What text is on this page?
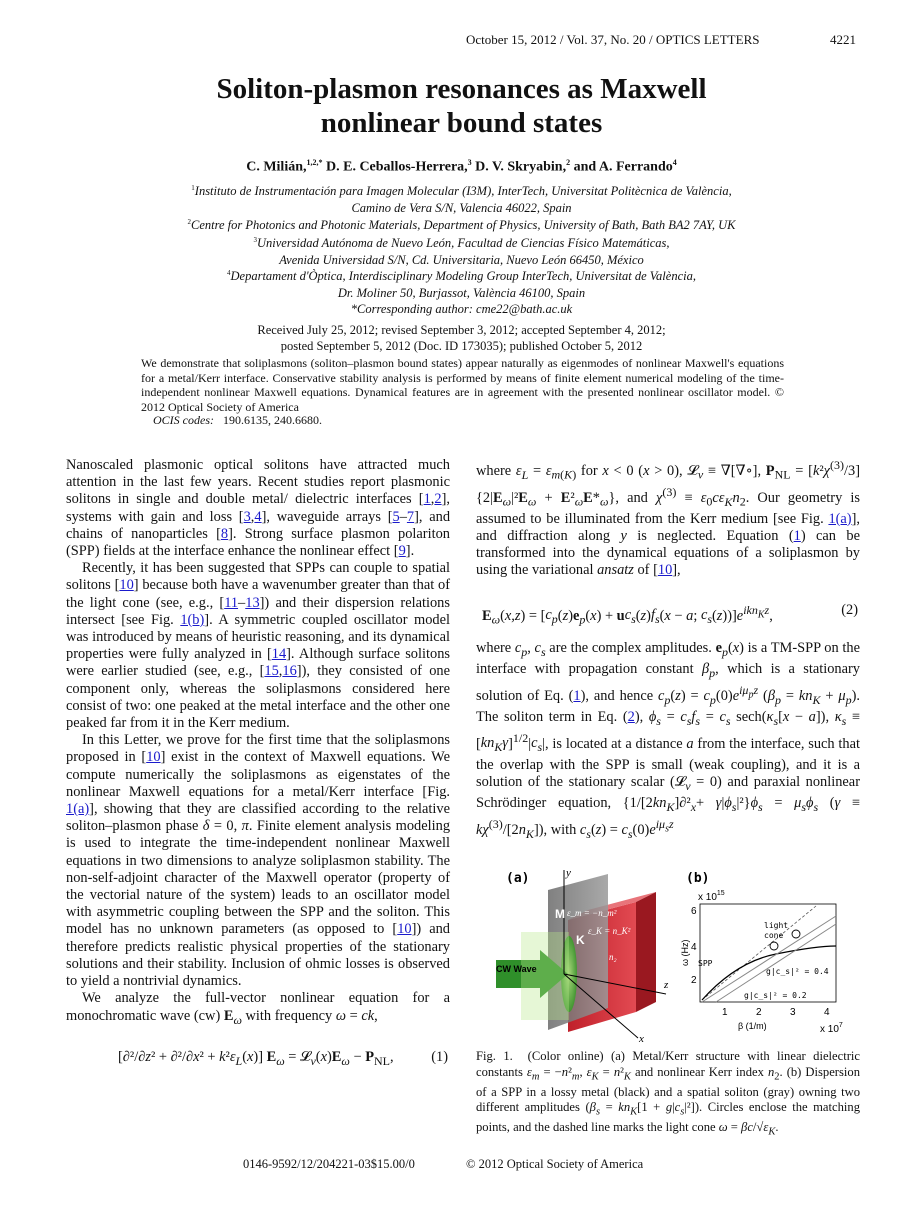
October 15, 2012 / Vol. 37, No. 20 / OPTICS LETTERS	4221
Soliton-plasmon resonances as Maxwell
nonlinear bound states
C. Milián,$^{1,2,*}$ D. E. Ceballos-Herrera,$^3$ D. V. Skryabin,$^2$ and A. Ferrando$^4$
$^1$Instituto de Instrumentación para Imagen Molecular (I3M), InterTech, Universitat Politècnica de València,
Camino de Vera S/N, Valencia 46022, Spain
$^2$Centre for Photonics and Photonic Materials, Department of Physics, University of Bath, Bath BA2 7AY, UK
$^3$Universidad Autónoma de Nuevo León, Facultad de Ciencias Físico Matemáticas,
Avenida Universidad S/N, Cd. Universitaria, Nuevo León 66450, México
$^4$Departament d'Òptica, Interdisciplinary Modeling Group InterTech, Universitat de València,
Dr. Moliner 50, Burjassot, València 46100, Spain
*Corresponding author: cme22@bath.ac.uk
Received July 25, 2012; revised September 3, 2012; accepted September 4, 2012;
posted September 5, 2012 (Doc. ID 173035); published October 5, 2012
We demonstrate that soliplasmons (soliton–plasmon bound states) appear naturally as eigenmodes of nonlinear Maxwell's equations for a metal/Kerr interface. Conservative stability analysis is performed by means of finite element numerical modeling of the time-independent nonlinear Maxwell equations. Dynamical features are in agreement with the presented nonlinear oscillator model. © 2012 Optical Society of America
OCIS codes: 190.6135, 240.6680.

Nanoscaled plasmonic optical solitons have attracted much attention in the last few years. Recent studies report plasmonic solitons in single and double metal/ dielectric interfaces [1,2], systems with gain and loss [3,4], waveguide arrays [5–7], and chains of nanoparticles [8]. Strong surface plasmon polariton (SPP) fields at the interface enhance the nonlinear effect [9].

Recently, it has been suggested that SPPs can couple to spatial solitons [10] because both have a wavenumber greater than that of the light cone (see, e.g., [11–13]) and their dispersion relations intersect [see Fig. 1(b)]. A symmetric coupled oscillator model was introduced by means of heuristic reasoning, and its dynamical properties were fully analyzed in [14]. Although surface solitons were earlier studied (see, e.g., [15,16]), they consisted of one component only, whereas the soliplasmons considered here consist of two: one peaked at the metal interface and the other one peaked far from it in the Kerr medium.

In this Letter, we prove for the first time that the soliplasmons proposed in [10] exist in the context of Maxwell equations. We compute numerically the soliplasmons as eigenstates of the nonlinear Maxwell equations for a metal/Kerr interface [Fig. 1(a)], showing that they are classified according to the relative soliton–plasmon phase δ = 0, π. Finite element analysis modeling is used to integrate the time-independent nonlinear Maxwell equations in two dimensions to analyze soliplasmon stability. The non-self-adjoint character of the Maxwell operator (property of the vectorial nature of the system) leads to an oscillator model with asymmetric coupling between the SPP and the soliton. This model has no unknown parameters (as opposed to [10]) and therefore predicts realistic physical properties of the stationary solutions and their stability. Inclusion of ohmic losses is observed to yield a nontrivial dynamics.

We analyze the full-vector nonlinear equation for a monochromatic wave (cw) $E_\omega$ with frequency ω = ck,

$[\partial^2/\partial z^2 + \partial^2/\partial x^2 + k^2\varepsilon_L(x)]$ $E_\omega$ = $𝓛_v(x)E_\omega - P_{NL}$,	(1)

where $\varepsilon_L = \varepsilon_{m(K)}$ for x < 0 (x > 0), 𝓛$_v$ ≡ ∇[∇∘], $P_{NL} = [k^2\chi^{(3)}/3]\{2|E_\omega|^2E_\omega + E^2_\omega E*_\omega\}$, and $\chi^{(3)} \equiv \varepsilon_0c\varepsilon_Kn_2$. Our geometry is assumed to be illuminated from the Kerr medium [see Fig. 1(a)], and diffraction along y is neglected. Equation (1) can be transformed into the dynamical equations of a soliplasmon by using the variational ansatz of [10],

$E_\omega(x,z) = [c_p(z)e_p(x) + uc_s(z)f_s(x - a$; $c_s(z))]e^{ikn_Kz}$,	(2)

where $c_p$, $c_s$ are the complex amplitudes. $e_p(x)$ is a TM-SPP on the interface with propagation constant $\beta_p$, which is a stationary solution of Eq. (1), and hence $c_p(z) = c_p(0)e^{i\mu_pz}$ $(\beta_p = kn_K + \mu_p)$. The soliton term in Eq. (2), $\phi_s = c_sf_s = c_s$ $\sec h(\kappa_s[x - a])$, $\kappa_s \equiv [kn_K\gamma]^{1/2}|c_s|$, is located at a distance a from the interface, such that the overlap with the SPP is small (weak coupling), and it is a solution of the stationary scalar (𝓛$_v$ = 0) and paraxial nonlinear Schrödinger equation, $\{1/[2kn_K]\partial^2_x+ \gamma|\phi_s|^2\}\phi_s = \mu_s\phi_s$ $(\gamma \equiv k\chi^{(3)}/[2n_K])$, with $c_s(z) = c_s(0)e^{i\mu_sz}$

(a)	y
z
x
M ε_m = −n_m²
K
ε_K = n_K²
n₂
CW Wave
(b)
x $10^{15}$
6
4
2
ω (Hz)
1	2	3	4
β (1/m)	x $10^7$
light
cone
SPP
g|c_s|² = 0.4
g|c_s|² = 0.2
Fig. 1.  (Color online) (a) Metal/Kerr structure with linear dielectric constants $\varepsilon_m = -n^2_m$, $\varepsilon_K = n^2_K$ and nonlinear Kerr index $n_2$. (b) Dispersion of a SPP in a lossy metal (black) and a spatial soliton (gray) owning two different amplitudes $(\beta_s = kn_K[1 + g|c_s|^2])$. Circles enclose the matching points, and the dashed line marks the light cone $\omega = \beta c/√\varepsilon_K$.
0146-9592/12/204221-03$15.00/0	© 2012 Optical Society of America
